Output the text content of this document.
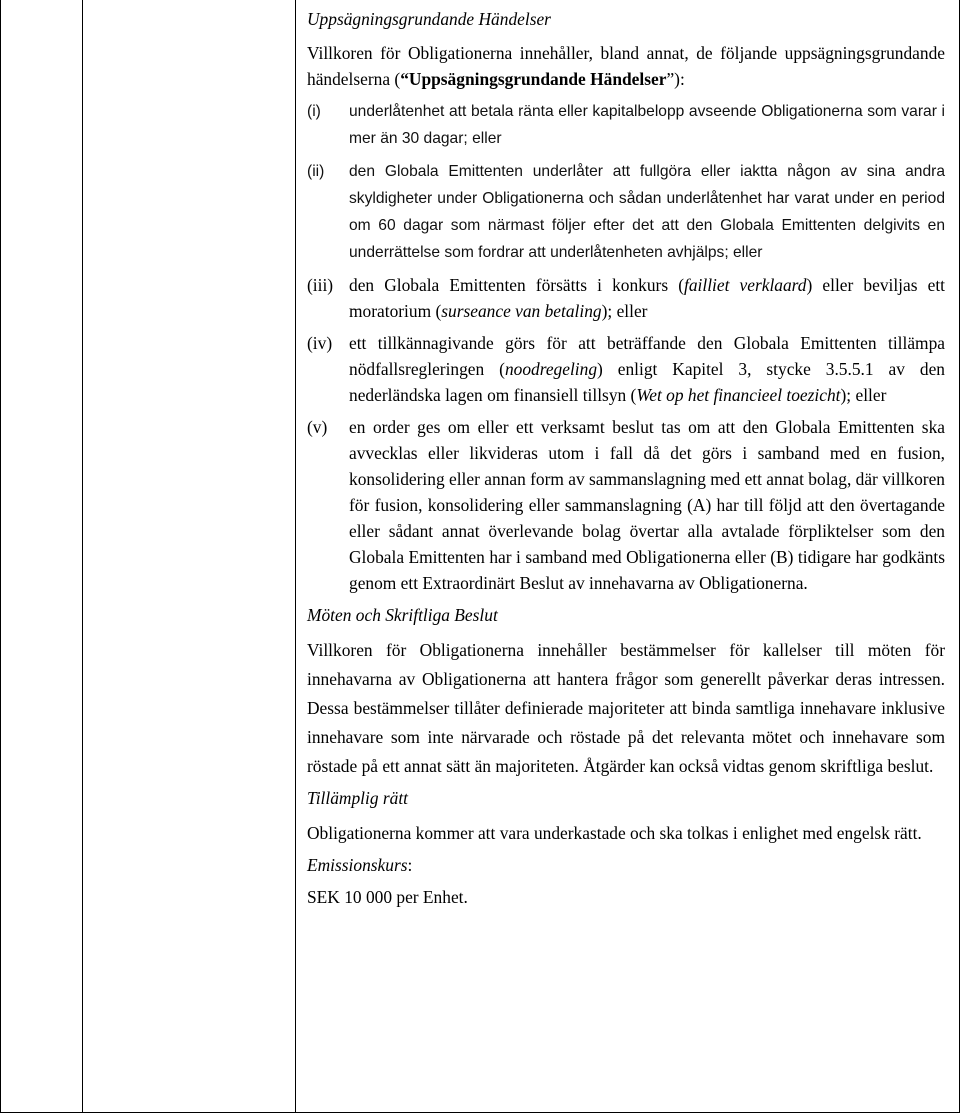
Uppsägningsgrundande Händelser

Villkoren för Obligationerna innehåller, bland annat, de följande uppsägningsgrundande händelserna (“Uppsägningsgrundande Händelser”):

(i)	underlåtenhet att betala ränta eller kapitalbelopp avseende Obligationerna som varar i mer än 30 dagar; eller
(ii)	den Globala Emittenten underlåter att fullgöra eller iaktta någon av sina andra skyldigheter under Obligationerna och sådan underlåtenhet har varat under en period om 60 dagar som närmast följer efter det att den Globala Emittenten delgivits en underrättelse som fordrar att underlåtenheten avhjälps; eller
(iii) den Globala Emittenten försätts i konkurs (failliet verklaard) eller beviljas ett moratorium (surseance van betaling); eller
(iv) ett tillkännagivande görs för att beträffande den Globala Emittenten tillämpa nödfallsregleringen (noodregeling) enligt Kapitel 3, stycke 3.5.5.1 av den nederländska lagen om finansiell tillsyn (Wet op het financieel toezicht); eller
(v)	en order ges om eller ett verksamt beslut tas om att den Globala Emittenten ska avvecklas eller likvideras utom i fall då det görs i samband med en fusion, konsolidering eller annan form av sammanslagning med ett annat bolag, där villkoren för fusion, konsolidering eller sammanslagning (A) har till följd att den övertagande eller sådant annat överlevande bolag övertar alla avtalade förpliktelser som den Globala Emittenten har i samband med Obligationerna eller (B) tidigare har godkänts genom ett Extraordinärt Beslut av innehavarna av Obligationerna.
Möten och Skriftliga Beslut

Villkoren för Obligationerna innehåller bestämmelser för kallelser till möten för innehavarna av Obligationerna att hantera frågor som generellt påverkar deras intressen. Dessa bestämmelser tillåter definierade majoriteter att binda samtliga innehavare inklusive innehavare som inte närvarade och röstade på det relevanta mötet och innehavare som röstade på ett annat sätt än majoriteten. Åtgärder kan också vidtas genom skriftliga beslut.

Tillämplig rätt

Obligationerna kommer att vara underkastade och ska tolkas i enlighet med engelsk rätt.

Emissionskurs:

SEK 10 000 per Enhet.
